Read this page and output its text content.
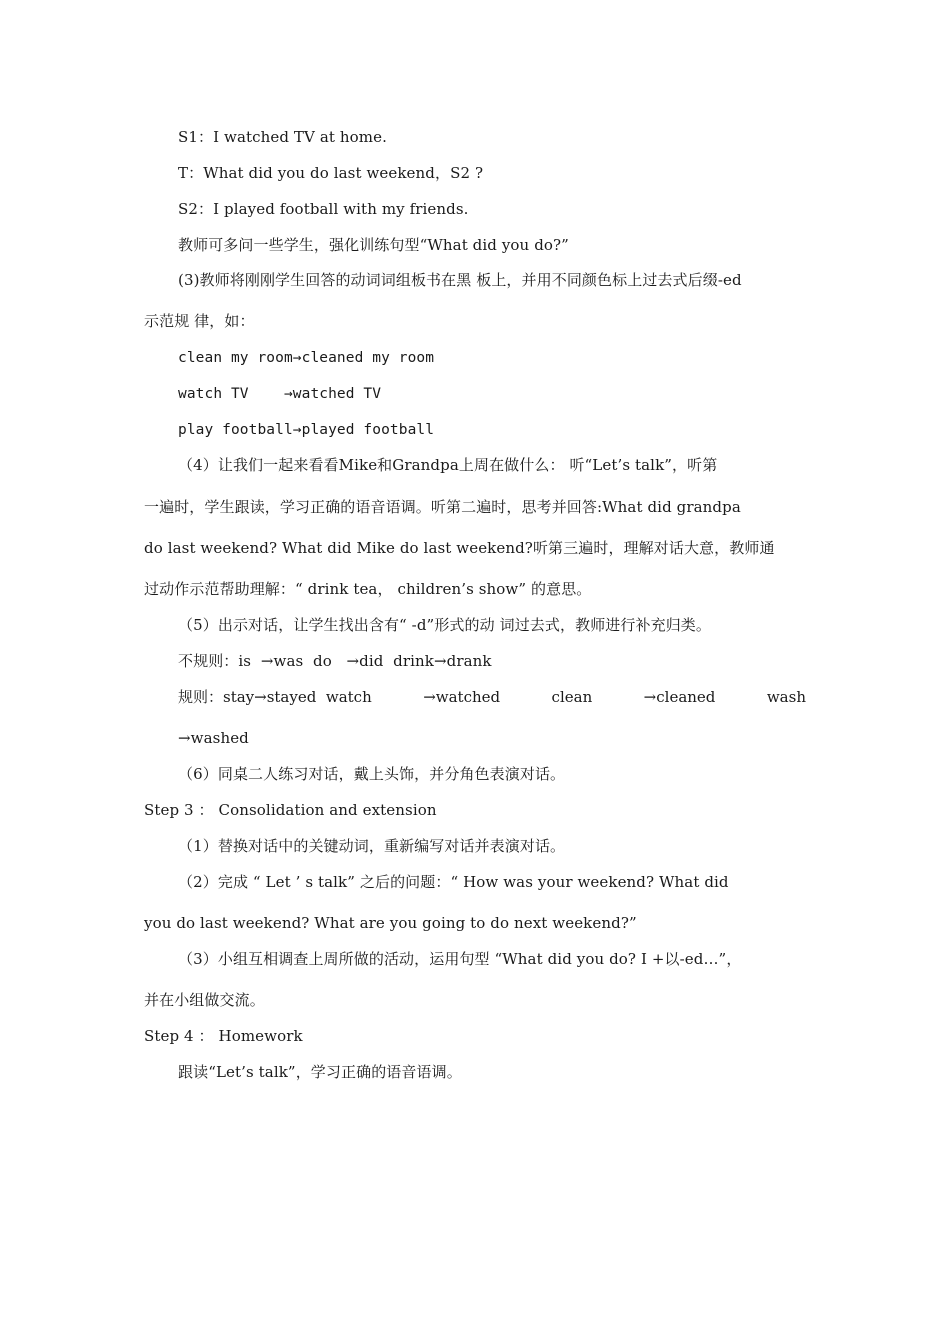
S1：I watched TV at home.
T：What did you do last weekend，S2 ?
S2：I played football with my friends.
教师可多问一些学生，强化训练句型“What did you do?”
(3)教师将刚刚学生回答的动词词组板书在黑 板上，并用不同颜色标上过去式后缀-ed
示范规 律，如：
clean my room→cleaned my room
watch TV    →watched TV
play football→played football
（4）让我们一起来看看Mike和Grandpa上周在做什么： 听“Let’s talk”，听第
一遍时，学生跟读，学习正确的语音语调。听第二遍时，思考并回答:What did grandpa
do last weekend? What did Mike do last weekend?听第三遍时，理解对话大意，教师通
过动作示范帮助理解：“ drink tea， children’s show” 的意思。
（5）出示对话，让学生找出含有“ -d”形式的动 词过去式，教师进行补充归类。
不规则：is  →was  do   →did  drink→drank
规则：stay→stayed  watch	→watched	clean	→cleaned	wash
→washed
（6）同桌二人练习对话，戴上头饰，并分角色表演对话。
Step 3 ： Consolidation and extension
（1）替换对话中的关键动词，重新编写对话并表演对话。
（2）完成 “ Let ’ s talk” 之后的问题：“ How was your weekend? What did
you do last weekend? What are you going to do next weekend?”
（3）小组互相调查上周所做的活动，运用句型 “What did you do? I +以-ed…”，
并在小组做交流。
Step 4 ： Homework
跟读“Let’s talk”，学习正确的语音语调。
